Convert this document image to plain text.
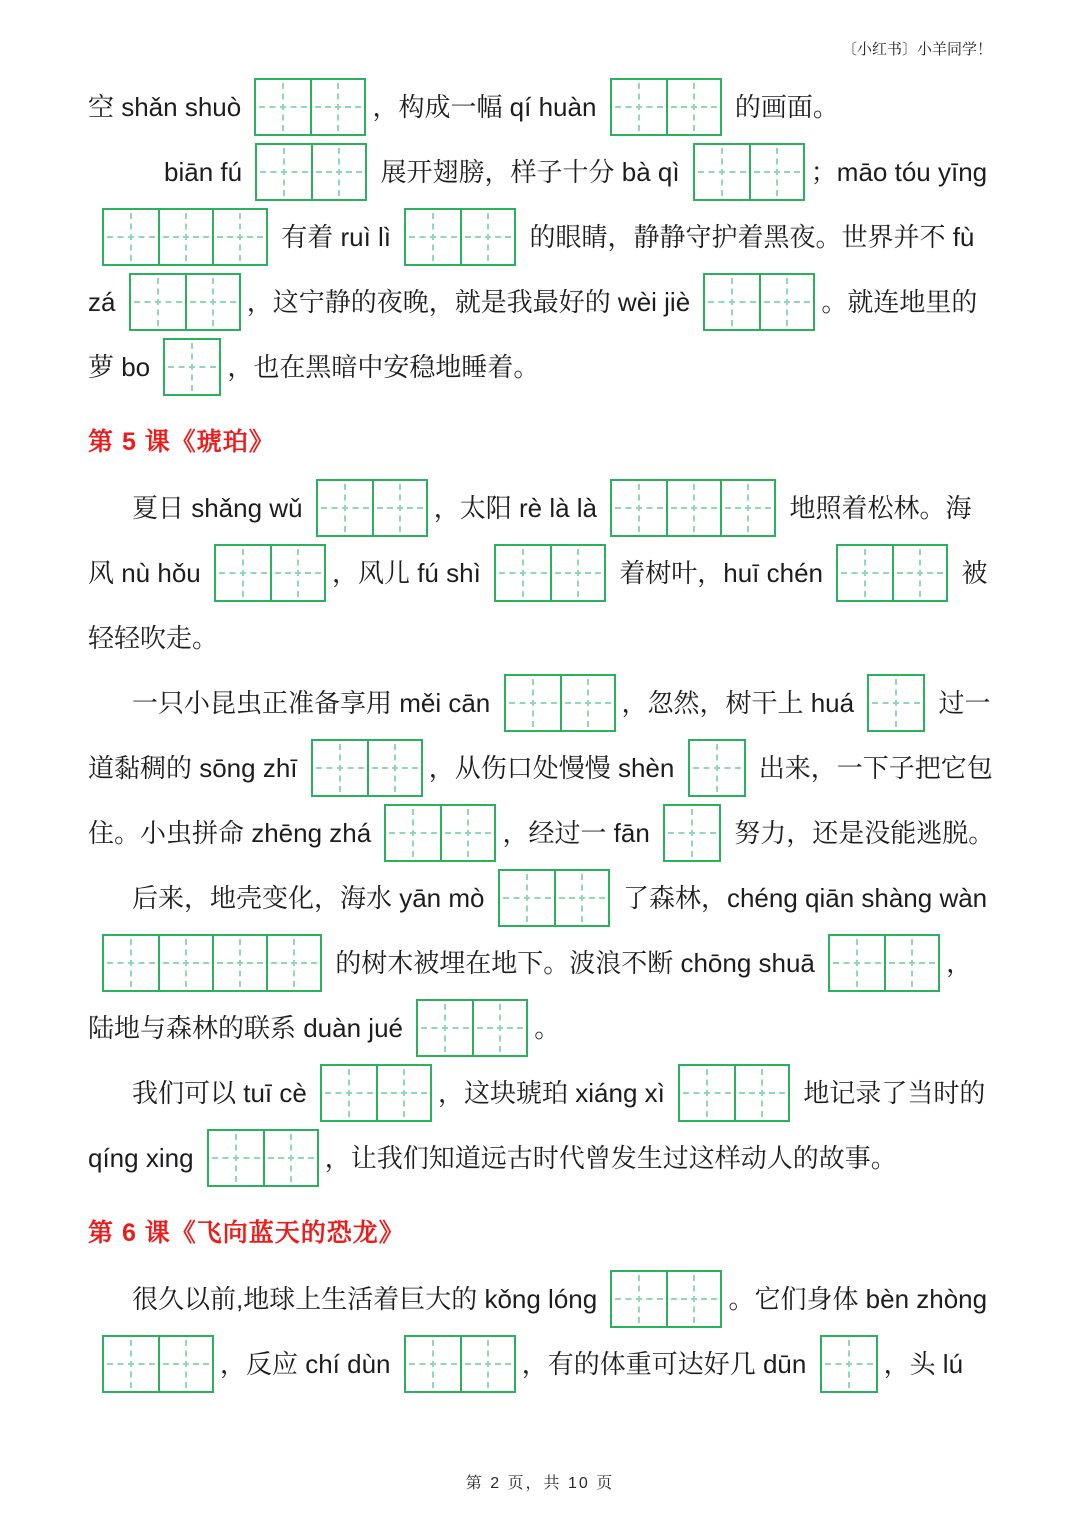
〔小红书〕小羊同学！
空 shǎn shuò	，构成一幅 qí huàn	的画面。
biān fú	展开翅膀，样子十分 bà qì	；māo tóu yīng
有着 ruì lì	的眼睛，静静守护着黑夜。世界并不 fù
zá	，这宁静的夜晚，就是我最好的 wèi jiè	。就连地里的
萝 bo	，也在黑暗中安稳地睡着。
第 5 课《琥珀》
夏日 shǎng wǔ	，太阳 rè là là	地照着松林。海
风 nù hǒu	，风儿 fú shì	着树叶，huī chén	被
轻轻吹走。
一只小昆虫正准备享用 měi cān	，忽然，树干上 huá	过一
道黏稠的 sōng zhī	，从伤口处慢慢 shèn	出来，一下子把它包
住。小虫拼命 zhēng zhá	，经过一 fān	努力，还是没能逃脱。
后来，地壳变化，海水 yān mò	了森林，chéng qiān shàng wàn
的树木被埋在地下。波浪不断 chōng shuā	，
陆地与森林的联系 duàn jué	。
我们可以 tuī cè	，这块琥珀 xiáng xì	地记录了当时的
qíng xing	，让我们知道远古时代曾发生过这样动人的故事。
第 6 课《飞向蓝天的恐龙》
很久以前,地球上生活着巨大的 kǒng lóng	。它们身体 bèn zhòng
，反应 chí dùn	，有的体重可达好几 dūn	，头 lú
第 2 页，共 10 页
